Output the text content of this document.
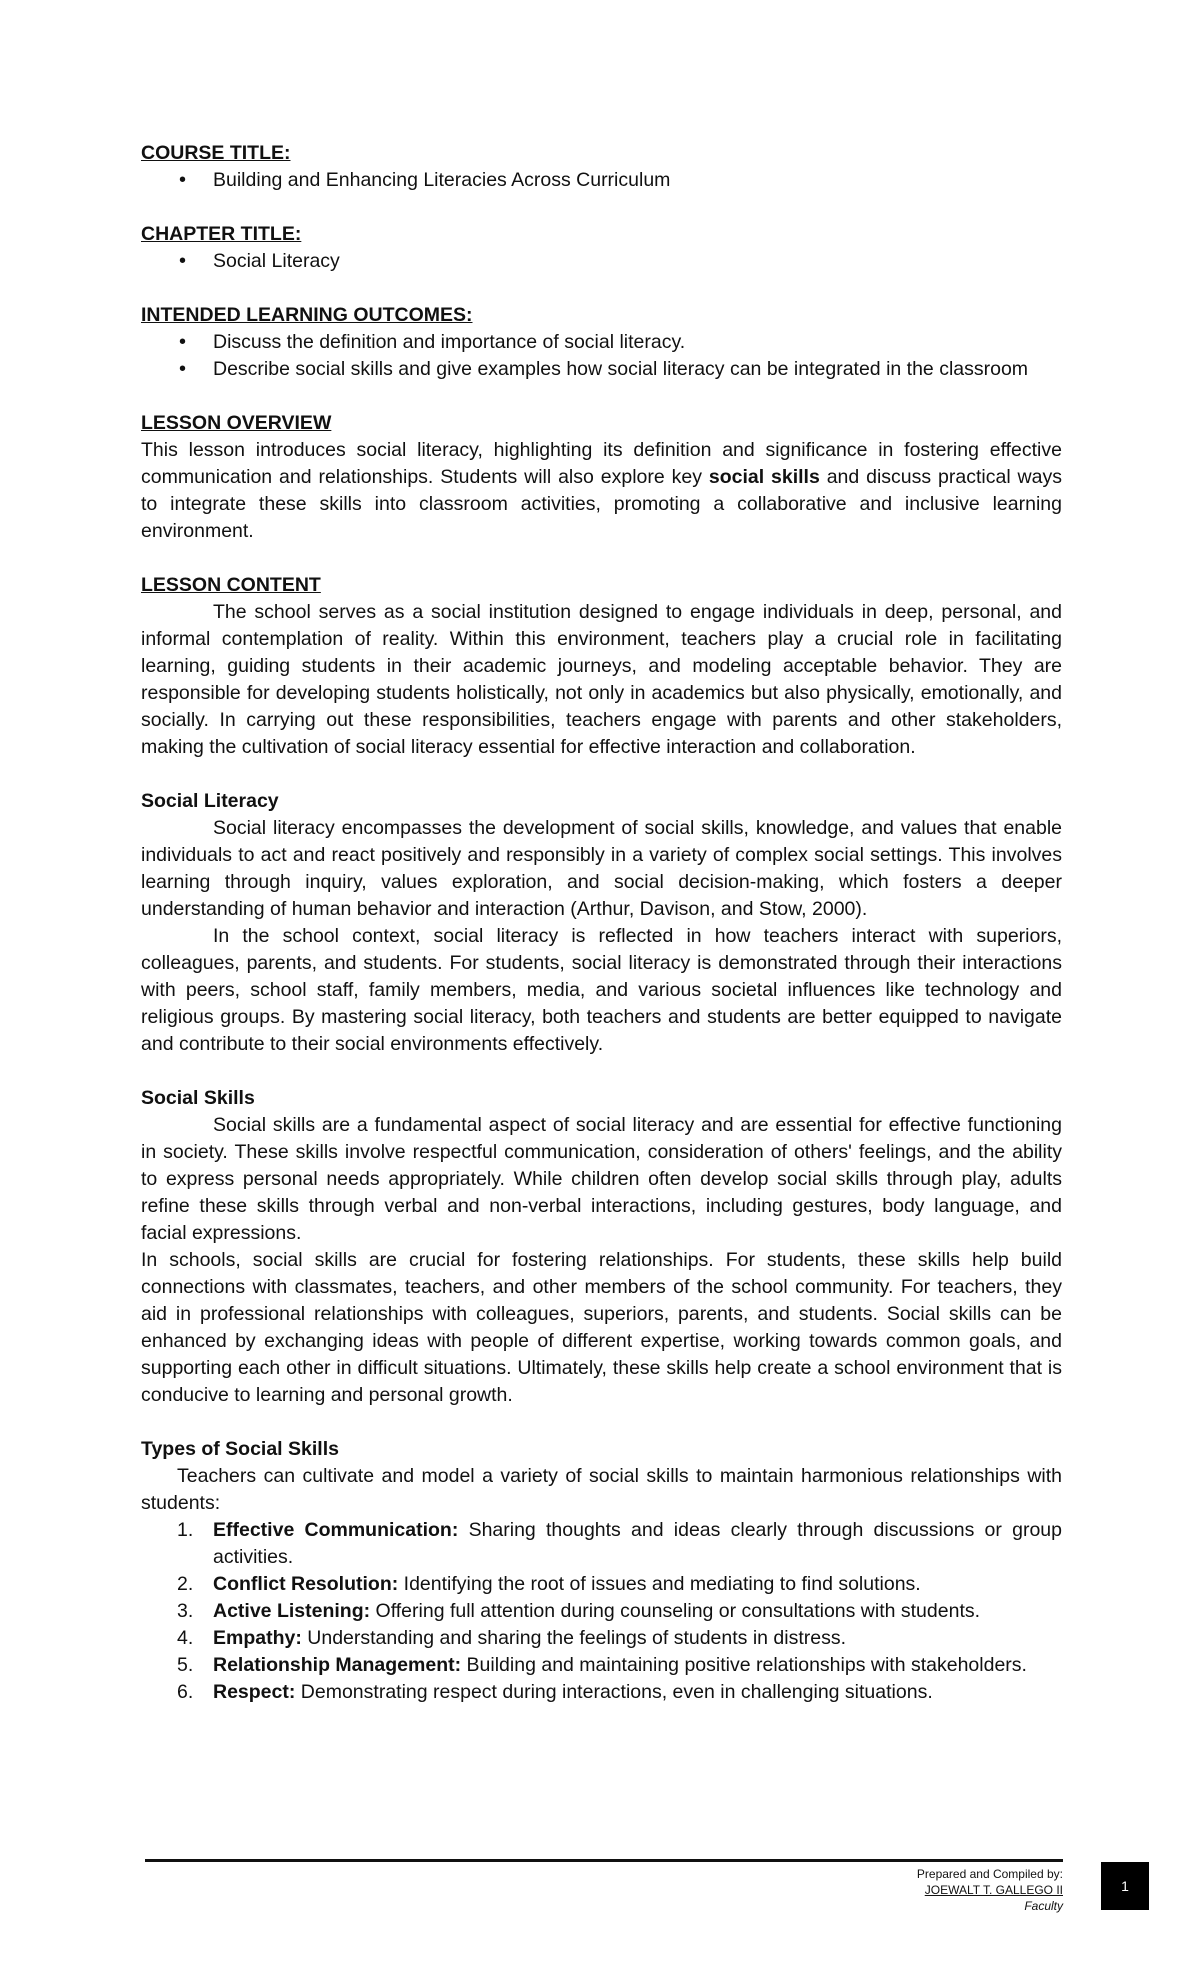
COURSE TITLE:

• Building and Enhancing Literacies Across Curriculum

CHAPTER TITLE:

• Social Literacy

INTENDED LEARNING OUTCOMES:

• Discuss the definition and importance of social literacy.
• Describe social skills and give examples how social literacy can be integrated in the classroom

LESSON OVERVIEW

This lesson introduces social literacy, highlighting its definition and significance in fostering effective communication and relationships. Students will also explore key social skills and discuss practical ways to integrate these skills into classroom activities, promoting a collaborative and inclusive learning environment.

LESSON CONTENT

The school serves as a social institution designed to engage individuals in deep, personal, and informal contemplation of reality. Within this environment, teachers play a crucial role in facilitating learning, guiding students in their academic journeys, and modeling acceptable behavior. They are responsible for developing students holistically, not only in academics but also physically, emotionally, and socially. In carrying out these responsibilities, teachers engage with parents and other stakeholders, making the cultivation of social literacy essential for effective interaction and collaboration.

Social Literacy

Social literacy encompasses the development of social skills, knowledge, and values that enable individuals to act and react positively and responsibly in a variety of complex social settings. This involves learning through inquiry, values exploration, and social decision-making, which fosters a deeper understanding of human behavior and interaction (Arthur, Davison, and Stow, 2000).

In the school context, social literacy is reflected in how teachers interact with superiors, colleagues, parents, and students. For students, social literacy is demonstrated through their interactions with peers, school staff, family members, media, and various societal influences like technology and religious groups. By mastering social literacy, both teachers and students are better equipped to navigate and contribute to their social environments effectively.

Social Skills

Social skills are a fundamental aspect of social literacy and are essential for effective functioning in society. These skills involve respectful communication, consideration of others' feelings, and the ability to express personal needs appropriately. While children often develop social skills through play, adults refine these skills through verbal and non-verbal interactions, including gestures, body language, and facial expressions.

In schools, social skills are crucial for fostering relationships. For students, these skills help build connections with classmates, teachers, and other members of the school community. For teachers, they aid in professional relationships with colleagues, superiors, parents, and students. Social skills can be enhanced by exchanging ideas with people of different expertise, working towards common goals, and supporting each other in difficult situations. Ultimately, these skills help create a school environment that is conducive to learning and personal growth.

Types of Social Skills

Teachers can cultivate and model a variety of social skills to maintain harmonious relationships with students:

1. Effective Communication: Sharing thoughts and ideas clearly through discussions or group activities.
2. Conflict Resolution: Identifying the root of issues and mediating to find solutions.
3. Active Listening: Offering full attention during counseling or consultations with students.
4. Empathy: Understanding and sharing the feelings of students in distress.
5. Relationship Management: Building and maintaining positive relationships with stakeholders.
6. Respect: Demonstrating respect during interactions, even in challenging situations.
Prepared and Compiled by:
JOEWALT T. GALLEGO II
Faculty
1
